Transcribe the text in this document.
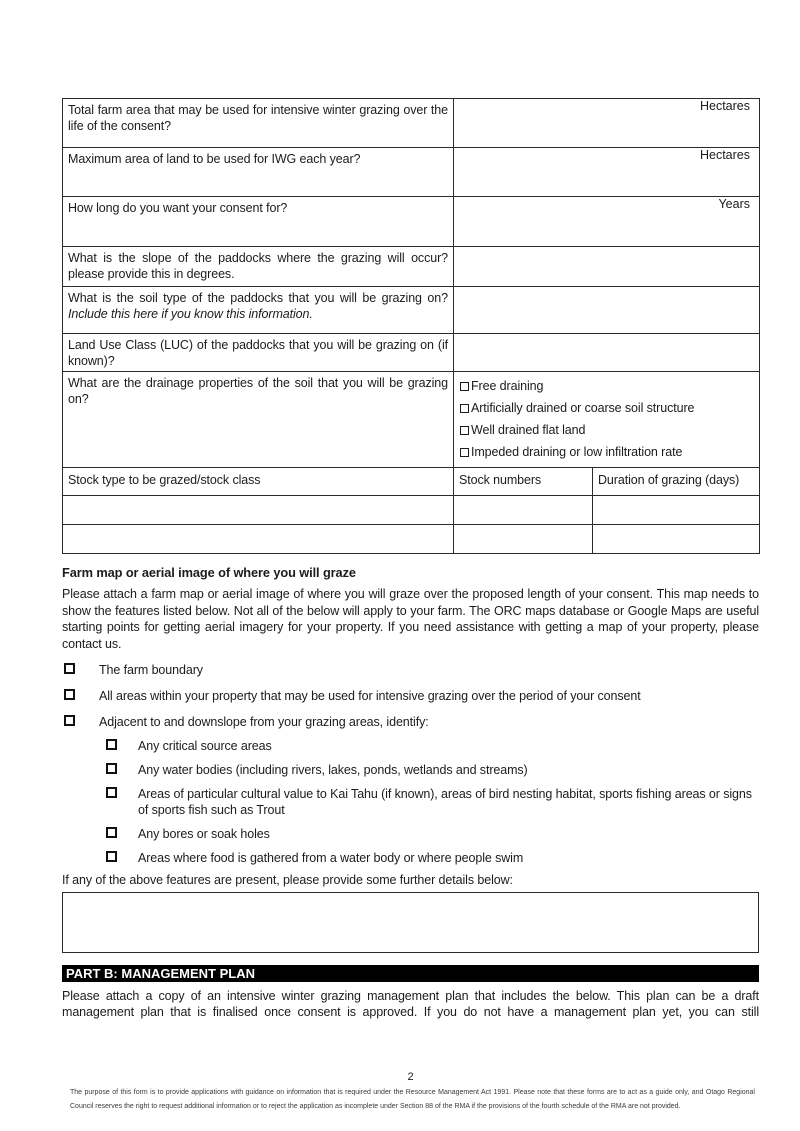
Total farm area that may be used for intensive winter grazing over the life of the consent?	Hectares	

Maximum area of land to be used for IWG each year?	Hectares	

How long do you want your consent for?	Years	

What is the slope of the paddocks where the grazing will occur? please provide this in degrees.		
What is the soil type of the paddocks that you will be grazing on? Include this here if you know this information.		
Land Use Class (LUC) of the paddocks that you will be grazing on (if known)?		
What are the drainage properties of the soil that you will be grazing on?	Free draining
Artificially drained or coarse soil structure
Well drained flat land
Impeded draining or low infiltration rate	

Stock type to be grazed/stock class	Stock numbers	Duration of grazing (days)

Farm map or aerial image of where you will graze

Please attach a farm map or aerial image of where you will graze over the proposed length of your consent. This map needs to show the features listed below. Not all of the below will apply to your farm. The ORC maps database or Google Maps are useful starting points for getting aerial imagery for your property. If you need assistance with getting a map of your property, please contact us.

The farm boundary
All areas within your property that may be used for intensive grazing over the period of your consent
Adjacent to and downslope from your grazing areas, identify:
Any critical source areas
Any water bodies (including rivers, lakes, ponds, wetlands and streams)
Areas of particular cultural value to Kai Tahu (if known), areas of bird nesting habitat, sports fishing areas or signs of sports fish such as Trout
Any bores or soak holes
Areas where food is gathered from a water body or where people swim

If any of the above features are present, please provide some further details below:

PART B: MANAGEMENT PLAN

Please attach a copy of an intensive winter grazing management plan that includes the below. This plan can be a draft management plan that is finalised once consent is approved. If you do not have a management plan yet, you can still

2

The purpose of this form is to provide applications with guidance on information that is required under the Resource Management Act 1991. Please note that these forms are to act as a guide only, and Otago Regional Council reserves the right to request additional information or to reject the application as incomplete under Section 88 of the RMA if the provisions of the fourth schedule of the RMA are not provided.
